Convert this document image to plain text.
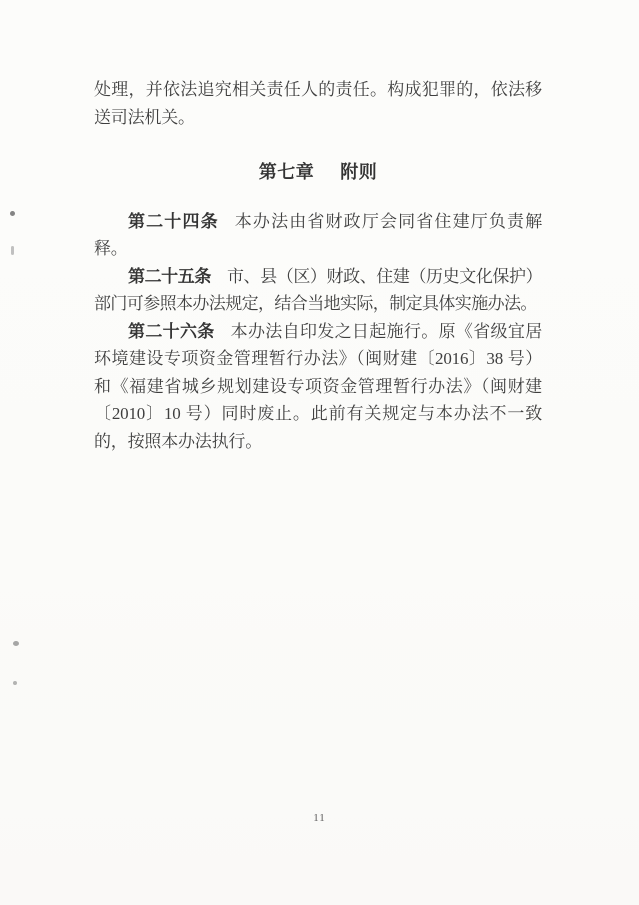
处理，并依法追究相关责任人的责任。构成犯罪的，依法移送司法机关。

第七章 附则

第二十四条 本办法由省财政厅会同省住建厅负责解释。

第二十五条 市、县（区）财政、住建（历史文化保护）部门可参照本办法规定，结合当地实际，制定具体实施办法。

第二十六条 本办法自印发之日起施行。原《省级宜居环境建设专项资金管理暂行办法》（闽财建〔2016〕38 号）和《福建省城乡规划建设专项资金管理暂行办法》（闽财建〔2010〕10 号）同时废止。此前有关规定与本办法不一致的，按照本办法执行。

11
